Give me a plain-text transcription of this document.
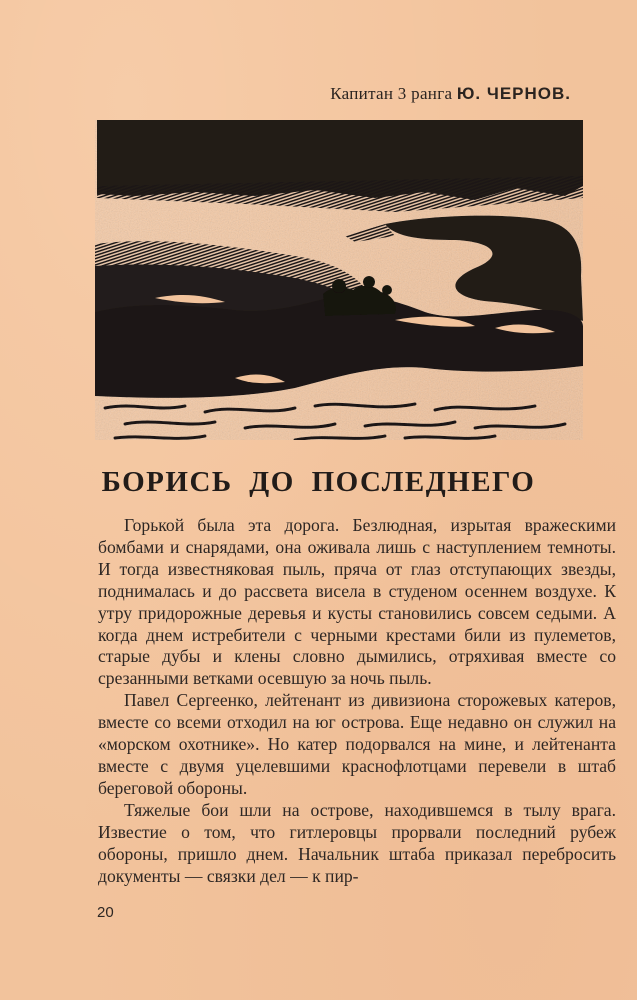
Капитан 3 ранга Ю. ЧЕРНОВ.
БОРИСЬ ДО ПОСЛЕДНЕГО

Горькой была эта дорога. Безлюдная, изрытая вражескими бомбами и снарядами, она оживала лишь с наступлением темноты. И тогда известняковая пыль, пряча от глаз отступающих звезды, поднималась и до рассвета висела в студеном осеннем воздухе. К утру придорожные деревья и кусты становились совсем седыми. А когда днем истребители с черными крестами били из пулеметов, старые дубы и клены словно дымились, отряхивая вместе со срезанными ветками осевшую за ночь пыль.

Павел Сергеенко, лейтенант из дивизиона сторожевых катеров, вместе со всеми отходил на юг острова. Еще недавно он служил на «морском охотнике». Но катер подорвался на мине, и лейтенанта вместе с двумя уцелевшими краснофлотцами перевели в штаб береговой обороны.

Тяжелые бои шли на острове, находившемся в тылу врага. Известие о том, что гитлеровцы прорвали последний рубеж обороны, пришло днем. Начальник штаба приказал перебросить документы — связки дел — к пир-

20
